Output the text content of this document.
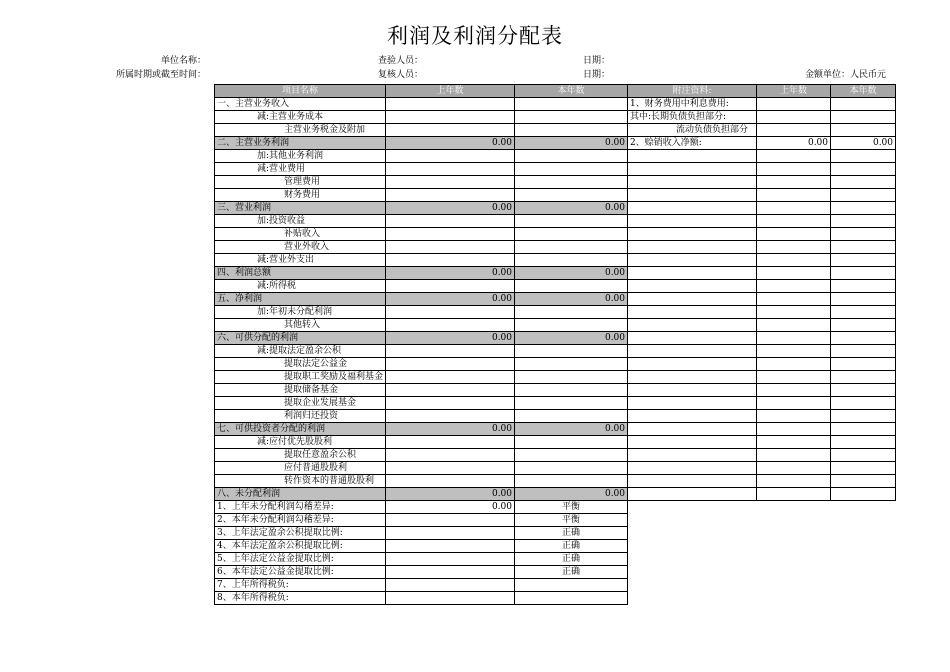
利润及利润分配表
单位名称：
所属时期或截至时间：
查验人员：
复核人员：
日期：
日期：	金额单位：人民币元
项目名称	上年数	本年数	附注资料:	上年数	本年数
一、主营业务收入			1、财务费用中利息费用:		
减:主营业务成本			其中:长期负债负担部分:		
主营业务税金及附加			流动负债负担部分		
二、主营业务利润	0.00	0.00	2、赊销收入净额:	0.00	0.00
加:其他业务利润					
减:营业费用					
管理费用					
财务费用					
三、营业利润	0.00	0.00			
加:投资收益					
补贴收入					
营业外收入					
减:营业外支出					
四、利润总额	0.00	0.00			
减:所得税					
五、净利润	0.00	0.00			
加:年初未分配利润					
其他转入					
六、可供分配的利润	0.00	0.00			
减:提取法定盈余公积					
提取法定公益金					
提取职工奖励及福利基金					
提取储备基金					
提取企业发展基金					
利润归还投资					
七、可供投资者分配的利润	0.00	0.00			
减:应付优先股股利					
提取任意盈余公积					
应付普通股股利					
转作资本的普通股股利					
八、未分配利润	0.00	0.00			
1、上年未分配利润勾稽差异:	0.00	平衡			
2、本年未分配利润勾稽差异:		平衡			
3、上年法定盈余公积提取比例:		正确			
4、本年法定盈余公积提取比例:		正确			
5、上年法定公益金提取比例:		正确			
6、本年法定公益金提取比例:		正确			
7、上年所得税负:					
8、本年所得税负:					
